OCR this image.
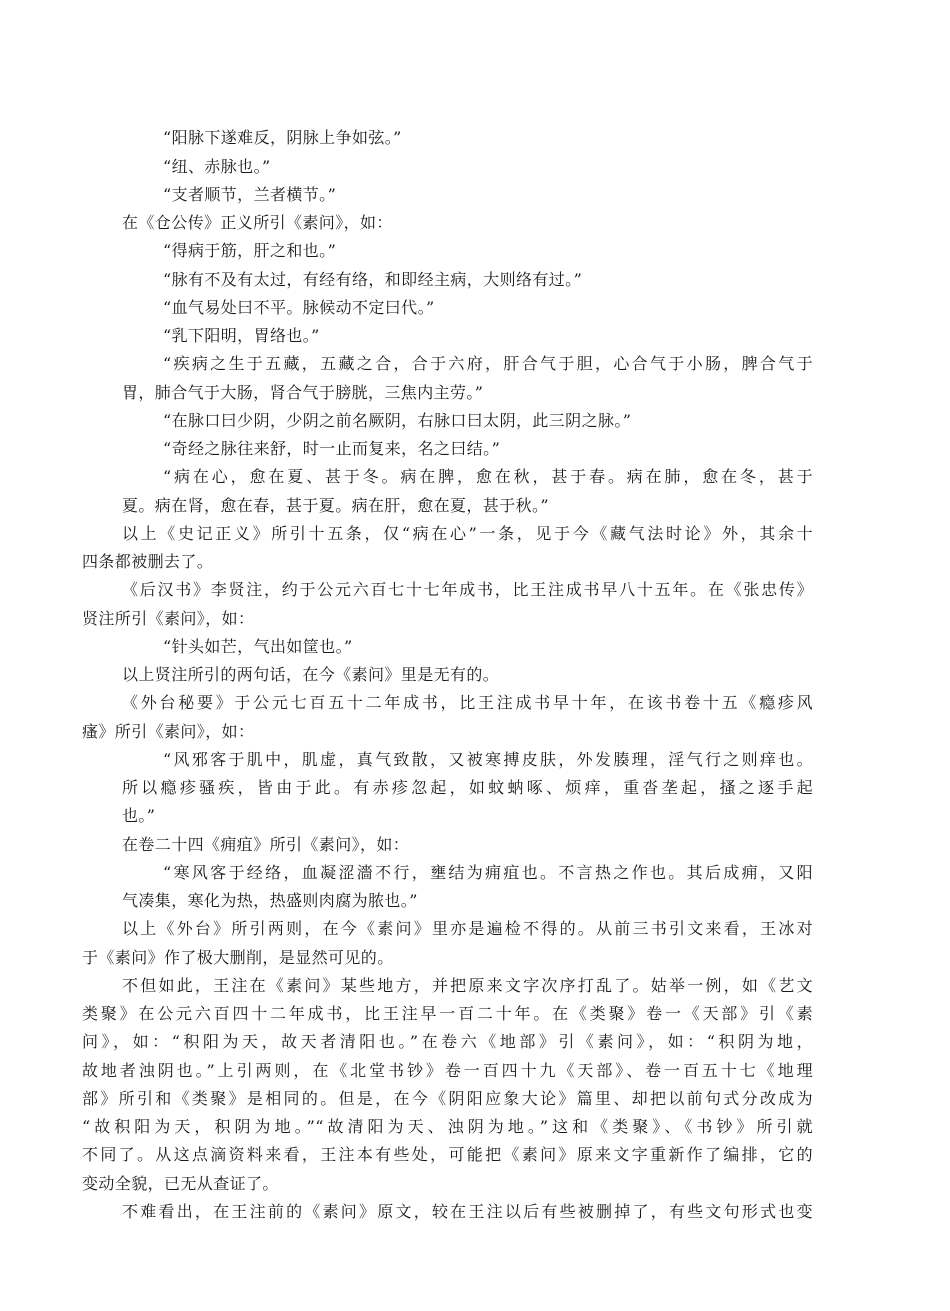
“阳脉下遂难反，阴脉上争如弦。”
“纽、赤脉也。”
“支者顺节，兰者横节。”
在《仓公传》正义所引《素问》，如：
“得病于筋，肝之和也。”
“脉有不及有太过，有经有络，和即经主病，大则络有过。”
“血气易处曰不平。脉候动不定曰代。”
“乳下阳明，胃络也。”
“疾病之生于五藏，五藏之合，合于六府，肝合气于胆，心合气于小肠，脾合气于
胃，肺合气于大肠，肾合气于膀胱，三焦内主劳。”
“在脉口曰少阴，少阴之前名厥阴，右脉口曰太阴，此三阴之脉。”
“奇经之脉往来舒，时一止而复来，名之曰结。”
“病在心，愈在夏、甚于冬。病在脾，愈在秋，甚于春。病在肺，愈在冬，甚于
夏。病在肾，愈在春，甚于夏。病在肝，愈在夏，甚于秋。”
以上《史记正义》所引十五条，仅“病在心”一条，见于今《藏气法时论》外，其余十
四条都被删去了。
《后汉书》李贤注，约于公元六百七十七年成书，比王注成书早八十五年。在《张忠传》
贤注所引《素问》，如：
“针头如芒，气出如筐也。”
以上贤注所引的两句话，在今《素问》里是无有的。
《外台秘要》于公元七百五十二年成书，比王注成书早十年，在该书卷十五《瘾疹风
瘙》所引《素问》，如：
“风邪客于肌中，肌虚，真气致散，又被寒搏皮肤，外发腠理，淫气行之则痒也。
所以瘾疹骚疾，皆由于此。有赤疹忽起，如蚊蚋啄、烦痒，重沓垄起，搔之逐手起
也。”
在卷二十四《痈疽》所引《素问》，如：
“寒风客于经络，血凝涩濇不行，壅结为痈疽也。不言热之作也。其后成痈，又阳
气凑集，寒化为热，热盛则肉腐为脓也。”
以上《外台》所引两则，在今《素问》里亦是遍检不得的。从前三书引文来看，王冰对
于《素问》作了极大删削，是显然可见的。
不但如此，王注在《素问》某些地方，并把原来文字次序打乱了。姑举一例，如《艺文
类聚》在公元六百四十二年成书，比王注早一百二十年。在《类聚》卷一《天部》引《素
问》，如：“积阳为天，故天者清阳也。”在卷六《地部》引《素问》，如：“积阴为地，
故地者浊阴也。”上引两则，在《北堂书钞》卷一百四十九《天部》、卷一百五十七《地理
部》所引和《类聚》是相同的。但是，在今《阴阳应象大论》篇里、却把以前句式分改成为
“故积阳为天，积阴为地。”“故清阳为天、浊阴为地。”这和《类聚》、《书钞》所引就
不同了。从这点滴资料来看，王注本有些处，可能把《素问》原来文字重新作了编排，它的
变动全貌，已无从查证了。
不难看出，在王注前的《素问》原文，较在王注以后有些被删掉了，有些文句形式也变
